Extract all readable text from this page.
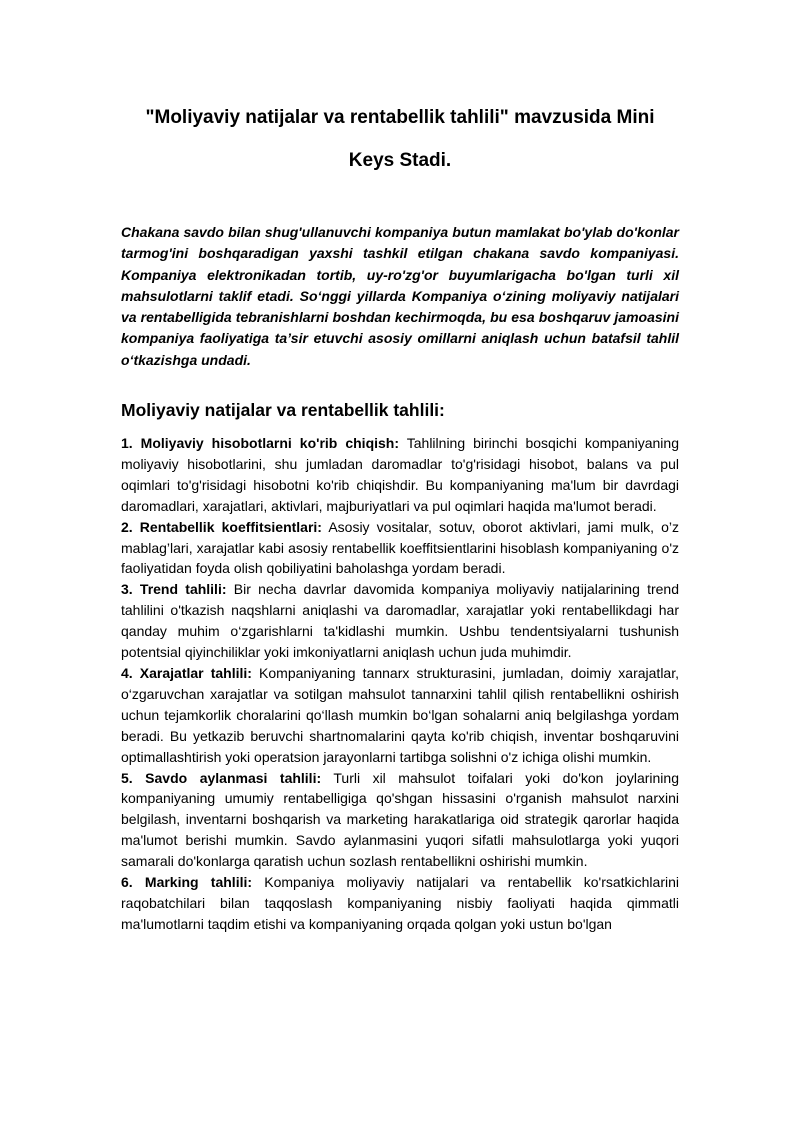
"Moliyaviy natijalar va rentabellik tahlili" mavzusida Mini
Keys Stadi.
Chakana savdo bilan shug'ullanuvchi kompaniya butun mamlakat bo'ylab do'konlar tarmog'ini boshqaradigan yaxshi tashkil etilgan chakana savdo kompaniyasi. Kompaniya elektronikadan tortib, uy-ro'zg'or buyumlarigacha bo'lgan turli xil mahsulotlarni taklif etadi. So‘nggi yillarda Kompaniya o‘zining moliyaviy natijalari va rentabelligida tebranishlarni boshdan kechirmoqda, bu esa boshqaruv jamoasini kompaniya faoliyatiga ta’sir etuvchi asosiy omillarni aniqlash uchun batafsil tahlil o‘tkazishga undadi.
Moliyaviy natijalar va rentabellik tahlili:

1. Moliyaviy hisobotlarni ko'rib chiqish: Tahlilning birinchi bosqichi kompaniyaning moliyaviy hisobotlarini, shu jumladan daromadlar to'g'risidagi hisobot, balans va pul oqimlari to'g'risidagi hisobotni ko'rib chiqishdir. Bu kompaniyaning ma'lum bir davrdagi daromadlari, xarajatlari, aktivlari, majburiyatlari va pul oqimlari haqida ma'lumot beradi.

2. Rentabellik koeffitsientlari: Asosiy vositalar, sotuv, oborot aktivlari, jami mulk, o’z mablag’lari, xarajatlar kabi asosiy rentabellik koeffitsientlarini hisoblash kompaniyaning o'z faoliyatidan foyda olish qobiliyatini baholashga yordam beradi.

3. Trend tahlili: Bir necha davrlar davomida kompaniya moliyaviy natijalarining trend tahlilini o'tkazish naqshlarni aniqlashi va daromadlar, xarajatlar yoki rentabellikdagi har qanday muhim o‘zgarishlarni ta'kidlashi mumkin. Ushbu tendentsiyalarni tushunish potentsial qiyinchiliklar yoki imkoniyatlarni aniqlash uchun juda muhimdir.

4. Xarajatlar tahlili: Kompaniyaning tannarx strukturasini, jumladan, doimiy xarajatlar, o‘zgaruvchan xarajatlar va sotilgan mahsulot tannarxini tahlil qilish rentabellikni oshirish uchun tejamkorlik choralarini qo‘llash mumkin bo‘lgan sohalarni aniq belgilashga yordam beradi. Bu yetkazib beruvchi shartnomalarini qayta ko'rib chiqish, inventar boshqaruvini optimallashtirish yoki operatsion jarayonlarni tartibga solishni o'z ichiga olishi mumkin.

5. Savdo aylanmasi tahlili: Turli xil mahsulot toifalari yoki do'kon joylarining kompaniyaning umumiy rentabelligiga qo'shgan hissasini o'rganish mahsulot narxini belgilash, inventarni boshqarish va marketing harakatlariga oid strategik qarorlar haqida ma'lumot berishi mumkin. Savdo aylanmasini yuqori sifatli mahsulotlarga yoki yuqori samarali do'konlarga qaratish uchun sozlash rentabellikni oshirishi mumkin.

6. Marking tahlili: Kompaniya moliyaviy natijalari va rentabellik ko'rsatkichlarini raqobatchilari bilan taqqoslash kompaniyaning nisbiy faoliyati haqida qimmatli ma'lumotlarni taqdim etishi va kompaniyaning orqada qolgan yoki ustun bo'lgan
